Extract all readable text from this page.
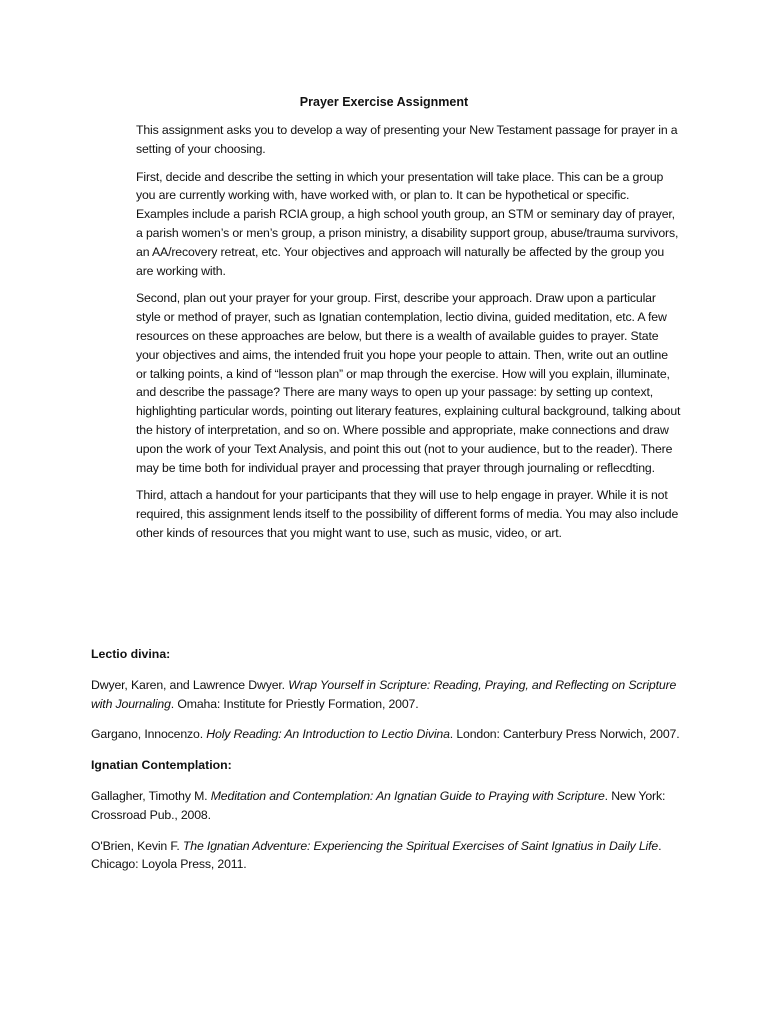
Prayer Exercise Assignment

This assignment asks you to develop a way of presenting your New Testament passage for prayer in a setting of your choosing.

First, decide and describe the setting in which your presentation will take place. This can be a group you are currently working with, have worked with, or plan to. It can be hypothetical or specific. Examples include a parish RCIA group, a high school youth group, an STM or seminary day of prayer, a parish women’s or men’s group, a prison ministry, a disability support group, abuse/trauma survivors, an AA/recovery retreat, etc. Your objectives and approach will naturally be affected by the group you are working with.

Second, plan out your prayer for your group. First, describe your approach. Draw upon a particular style or method of prayer, such as Ignatian contemplation, lectio divina, guided meditation, etc. A few resources on these approaches are below, but there is a wealth of available guides to prayer. State your objectives and aims, the intended fruit you hope your people to attain. Then, write out an outline or talking points, a kind of “lesson plan” or map through the exercise. How will you explain, illuminate, and describe the passage? There are many ways to open up your passage: by setting up context, highlighting particular words, pointing out literary features, explaining cultural background, talking about the history of interpretation, and so on. Where possible and appropriate, make connections and draw upon the work of your Text Analysis, and point this out (not to your audience, but to the reader). There may be time both for individual prayer and processing that prayer through journaling or reflecdting.

Third, attach a handout for your participants that they will use to help engage in prayer. While it is not required, this assignment lends itself to the possibility of different forms of media. You may also include other kinds of resources that you might want to use, such as music, video, or art.

Lectio divina:

Dwyer, Karen, and Lawrence Dwyer. Wrap Yourself in Scripture: Reading, Praying, and Reflecting on Scripture with Journaling. Omaha: Institute for Priestly Formation, 2007.

Gargano, Innocenzo. Holy Reading: An Introduction to Lectio Divina. London: Canterbury Press Norwich, 2007.

Ignatian Contemplation:

Gallagher, Timothy M. Meditation and Contemplation: An Ignatian Guide to Praying with Scripture. New York: Crossroad Pub., 2008.

O'Brien, Kevin F. The Ignatian Adventure: Experiencing the Spiritual Exercises of Saint Ignatius in Daily Life. Chicago: Loyola Press, 2011.
